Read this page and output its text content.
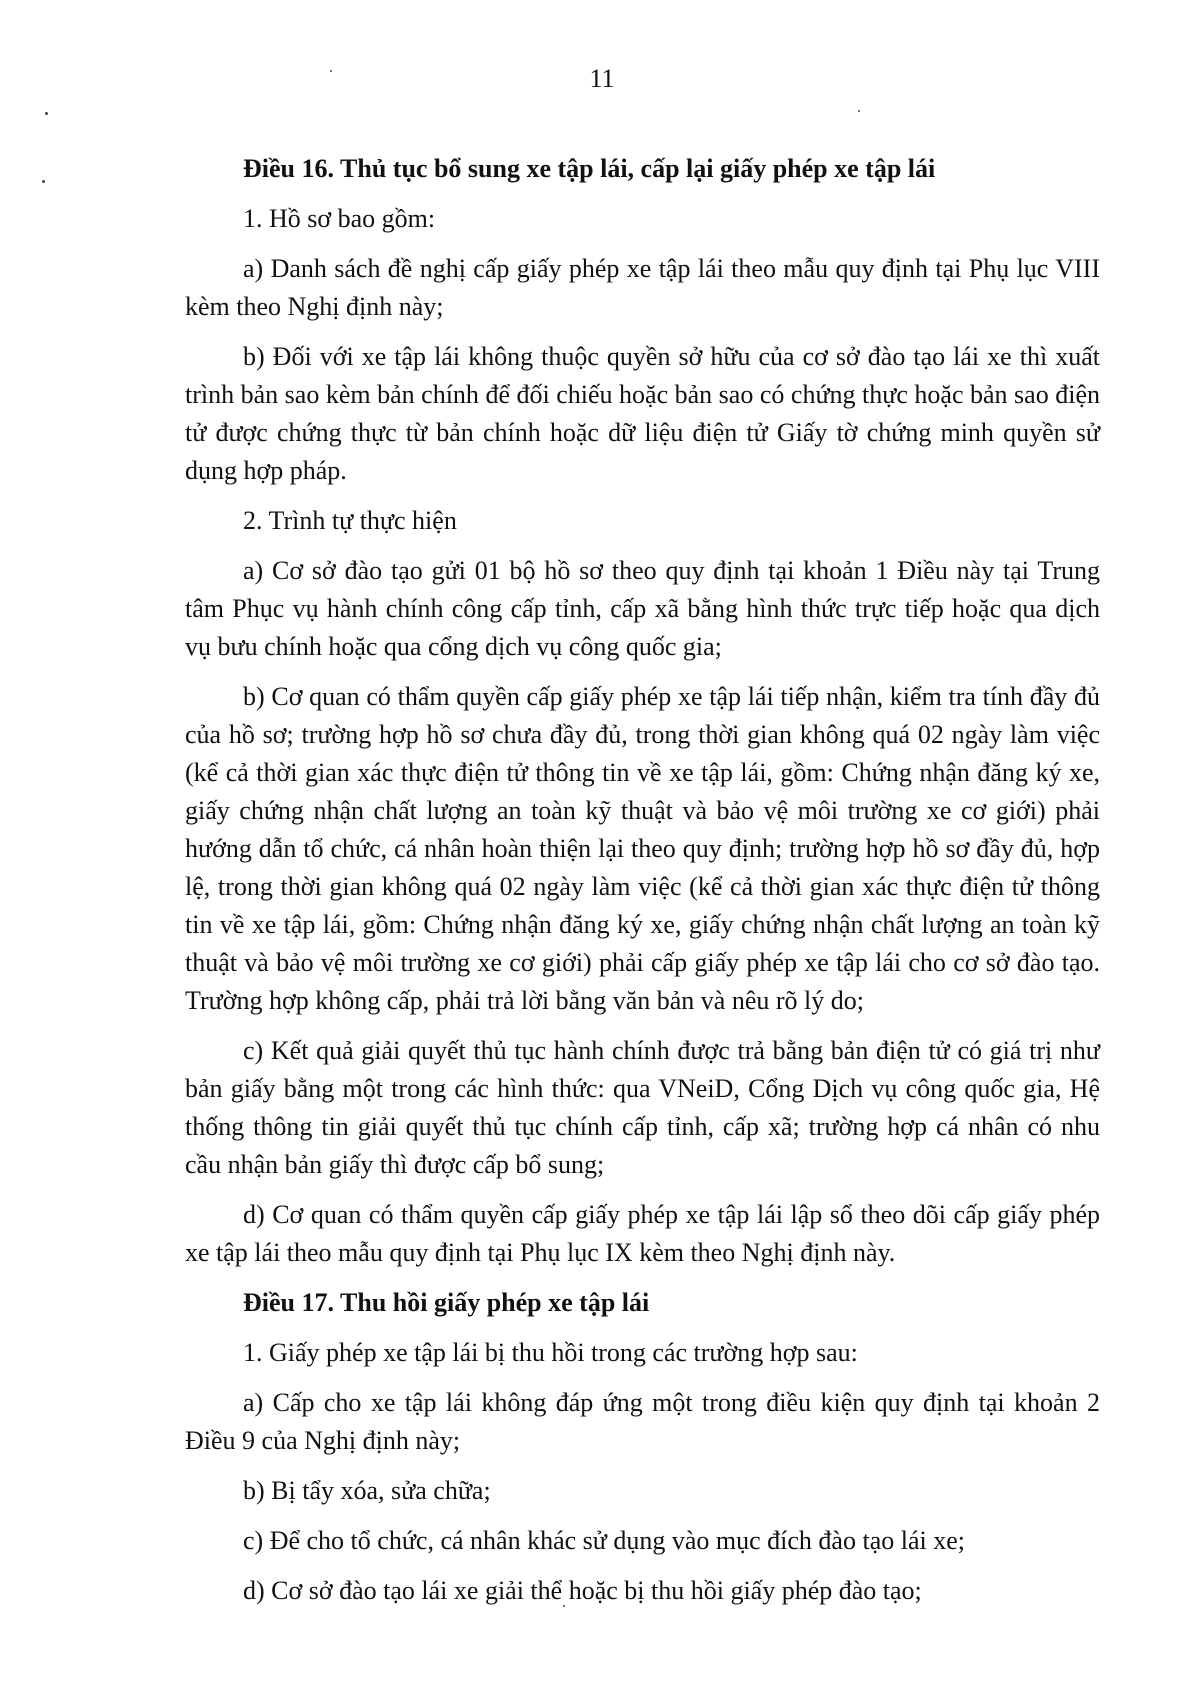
11
Điều 16. Thủ tục bổ sung xe tập lái, cấp lại giấy phép xe tập lái
1. Hồ sơ bao gồm:
a) Danh sách đề nghị cấp giấy phép xe tập lái theo mẫu quy định tại Phụ lục VIII kèm theo Nghị định này;
b) Đối với xe tập lái không thuộc quyền sở hữu của cơ sở đào tạo lái xe thì xuất trình bản sao kèm bản chính để đối chiếu hoặc bản sao có chứng thực hoặc bản sao điện tử được chứng thực từ bản chính hoặc dữ liệu điện tử Giấy tờ chứng minh quyền sử dụng hợp pháp.
2. Trình tự thực hiện
a) Cơ sở đào tạo gửi 01 bộ hồ sơ theo quy định tại khoản 1 Điều này tại Trung tâm Phục vụ hành chính công cấp tỉnh, cấp xã bằng hình thức trực tiếp hoặc qua dịch vụ bưu chính hoặc qua cổng dịch vụ công quốc gia;
b) Cơ quan có thẩm quyền cấp giấy phép xe tập lái tiếp nhận, kiểm tra tính đầy đủ của hồ sơ; trường hợp hồ sơ chưa đầy đủ, trong thời gian không quá 02 ngày làm việc (kể cả thời gian xác thực điện tử thông tin về xe tập lái, gồm: Chứng nhận đăng ký xe, giấy chứng nhận chất lượng an toàn kỹ thuật và bảo vệ môi trường xe cơ giới) phải hướng dẫn tổ chức, cá nhân hoàn thiện lại theo quy định; trường hợp hồ sơ đầy đủ, hợp lệ, trong thời gian không quá 02 ngày làm việc (kể cả thời gian xác thực điện tử thông tin về xe tập lái, gồm: Chứng nhận đăng ký xe, giấy chứng nhận chất lượng an toàn kỹ thuật và bảo vệ môi trường xe cơ giới) phải cấp giấy phép xe tập lái cho cơ sở đào tạo. Trường hợp không cấp, phải trả lời bằng văn bản và nêu rõ lý do;
c) Kết quả giải quyết thủ tục hành chính được trả bằng bản điện tử có giá trị như bản giấy bằng một trong các hình thức: qua VNeiD, Cổng Dịch vụ công quốc gia, Hệ thống thông tin giải quyết thủ tục chính cấp tỉnh, cấp xã; trường hợp cá nhân có nhu cầu nhận bản giấy thì được cấp bổ sung;
d) Cơ quan có thẩm quyền cấp giấy phép xe tập lái lập sổ theo dõi cấp giấy phép xe tập lái theo mẫu quy định tại Phụ lục IX kèm theo Nghị định này.
Điều 17. Thu hồi giấy phép xe tập lái
1. Giấy phép xe tập lái bị thu hồi trong các trường hợp sau:
a) Cấp cho xe tập lái không đáp ứng một trong điều kiện quy định tại khoản 2 Điều 9 của Nghị định này;
b) Bị tẩy xóa, sửa chữa;
c) Để cho tổ chức, cá nhân khác sử dụng vào mục đích đào tạo lái xe;
d) Cơ sở đào tạo lái xe giải thể hoặc bị thu hồi giấy phép đào tạo;
